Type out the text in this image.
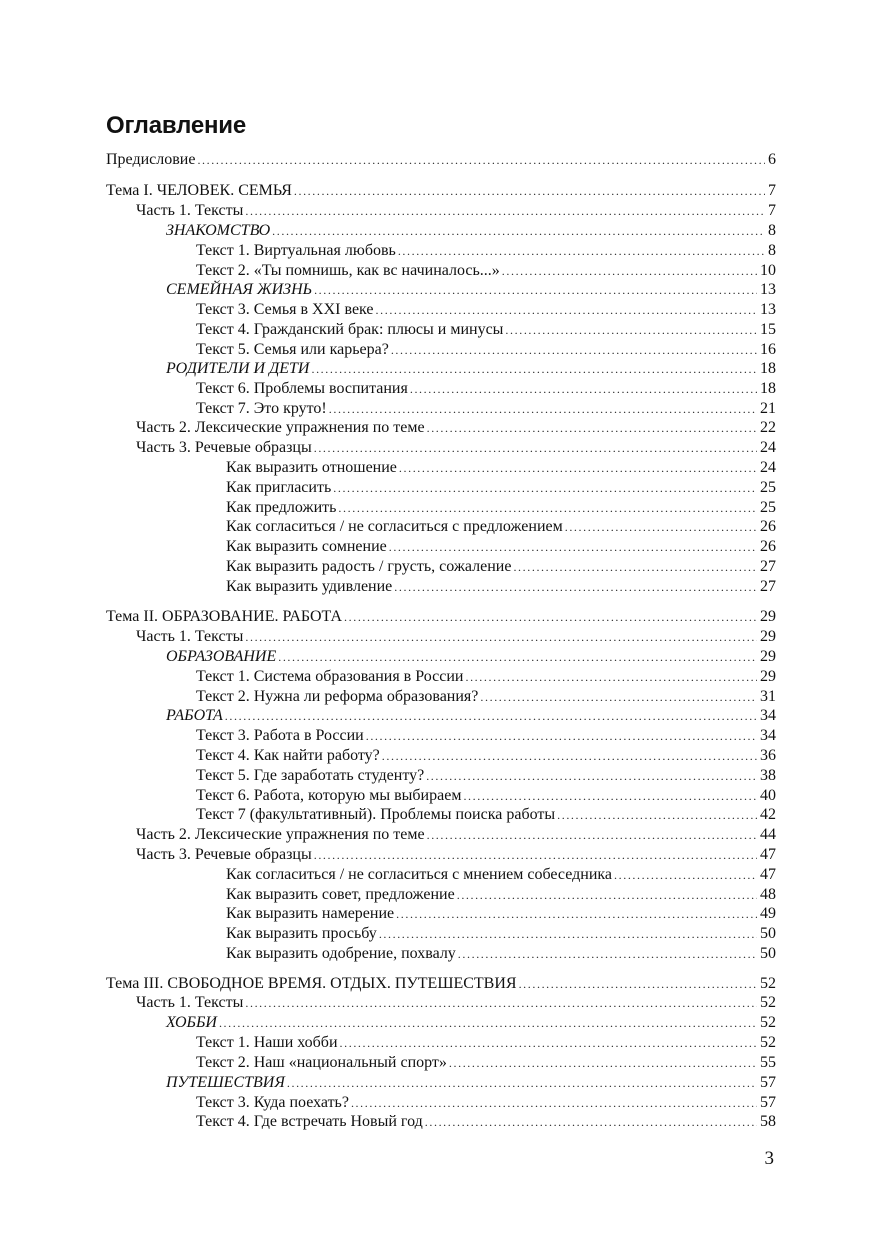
Оглавление
Предисловие .....	6
Тема I. ЧЕЛОВЕК. СЕМЬЯ .....	7
Часть 1. Тексты .....	7
ЗНАКОМСТВО .....	8
Текст 1. Виртуальная любовь .....	8
Текст 2. «Ты помнишь, как вс начиналось...» .....	10
СЕМЕЙНАЯ ЖИЗНЬ .....	13
Текст 3. Семья в XXI веке .....	13
Текст 4. Гражданский брак: плюсы и минусы .....	15
Текст 5. Семья или карьера? .....	16
РОДИТЕЛИ И ДЕТИ .....	18
Текст 6. Проблемы воспитания .....	18
Текст 7. Это круто! .....	21
Часть 2. Лексические упражнения по теме .....	22
Часть 3. Речевые образцы .....	24
Как выразить отношение .....	24
Как пригласить .....	25
Как предложить .....	25
Как согласиться / не согласиться с предложением .....	26
Как выразить сомнение .....	26
Как выразить радость / грусть, сожаление .....	27
Как выразить удивление .....	27
Тема II. ОБРАЗОВАНИЕ. РАБОТА .....	29
Часть 1. Тексты .....	29
ОБРАЗОВАНИЕ .....	29
Текст 1. Система образования в России .....	29
Текст 2. Нужна ли реформа образования? .....	31
РАБОТА .....	34
Текст 3. Работа в России .....	34
Текст 4. Как найти работу? .....	36
Текст 5. Где заработать студенту? .....	38
Текст 6. Работа, которую мы выбираем .....	40
Текст 7 (факультативный). Проблемы поиска работы .....	42
Часть 2. Лексические упражнения по теме .....	44
Часть 3. Речевые образцы .....	47
Как согласиться / не согласиться с мнением собеседника .....	47
Как выразить совет, предложение .....	48
Как выразить намерение .....	49
Как выразить просьбу .....	50
Как выразить одобрение, похвалу .....	50
Тема III. СВОБОДНОЕ ВРЕМЯ. ОТДЫХ. ПУТЕШЕСТВИЯ .....	52
Часть 1. Тексты .....	52
ХОББИ .....	52
Текст 1. Наши хобби .....	52
Текст 2. Наш «национальный спорт» .....	55
ПУТЕШЕСТВИЯ .....	57
Текст 3. Куда поехать? .....	57
Текст 4. Где встречать Новый год .....	58
3
